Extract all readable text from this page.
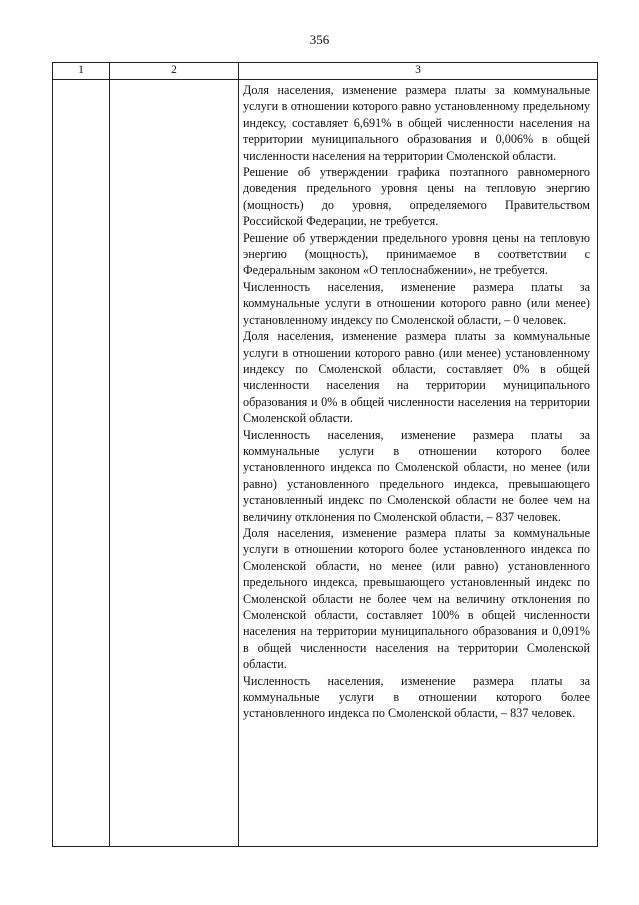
356
1	2	3

Доля населения, изменение размера платы за коммунальные услуги в отношении которого равно установленному предельному индексу, составляет 6,691% в общей численности населения на территории муниципального образования и 0,006% в общей численности населения на территории Смоленской области.

Решение об утверждении графика поэтапного равномерного доведения предельного уровня цены на тепловую энергию (мощность) до уровня, определяемого Правительством Российской Федерации, не требуется.

Решение об утверждении предельного уровня цены на тепловую энергию (мощность), принимаемое в соответствии с Федеральным законом «О теплоснабжении», не требуется.

Численность населения, изменение размера платы за коммунальные услуги в отношении которого равно (или менее) установленному индексу по Смоленской области, – 0 человек.

Доля населения, изменение размера платы за коммунальные услуги в отношении которого равно (или менее) установленному индексу по Смоленской области, составляет 0% в общей численности населения на территории муниципального образования и 0% в общей численности населения на территории Смоленской области.

Численность населения, изменение размера платы за коммунальные услуги в отношении которого более установленного индекса по Смоленской области, но менее (или равно) установленного предельного индекса, превышающего установленный индекс по Смоленской области не более чем на величину отклонения по Смоленской области, – 837 человек.

Доля населения, изменение размера платы за коммунальные услуги в отношении которого более установленного индекса по Смоленской области, но менее (или равно) установленного предельного индекса, превышающего установленный индекс по Смоленской области не более чем на величину отклонения по Смоленской области, составляет 100% в общей численности населения на территории муниципального образования и 0,091% в общей численности населения на территории Смоленской области.

Численность населения, изменение размера платы за коммунальные услуги в отношении которого более установленного индекса по Смоленской области, – 837 человек.
